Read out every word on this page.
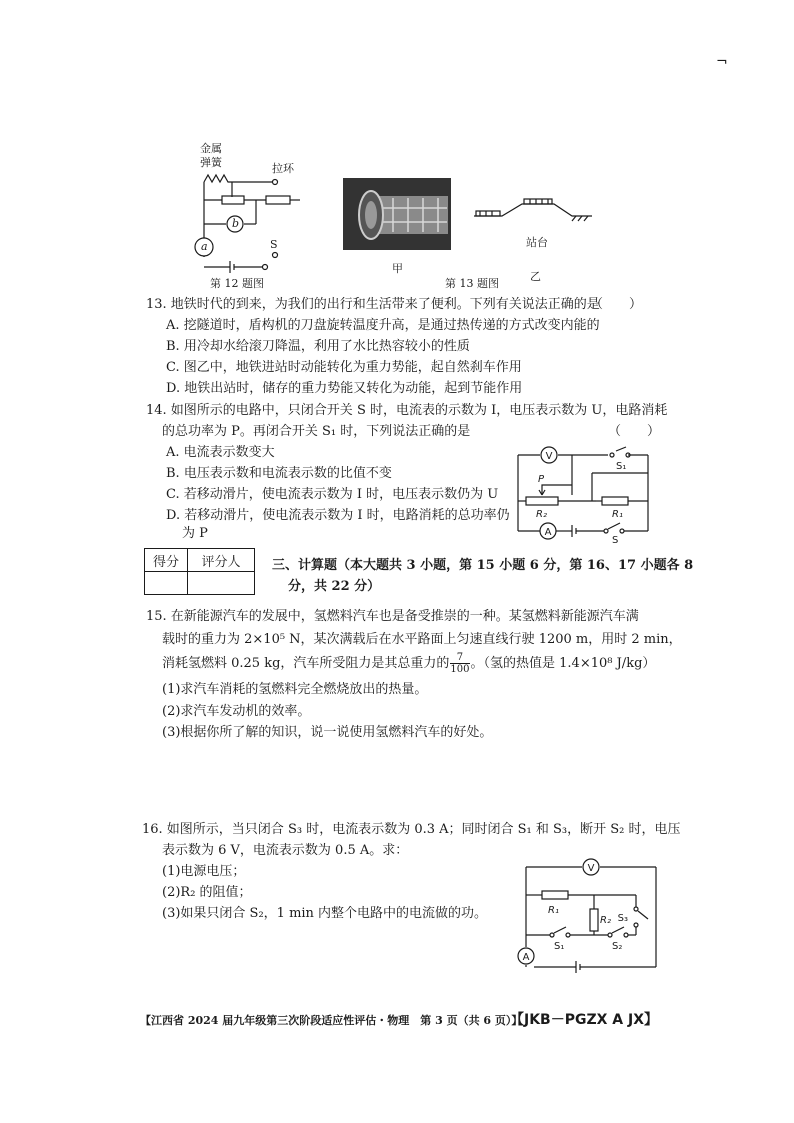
¬
金属
弹簧	拉环
b
a	S
第 12 题图
甲
站台
乙
第 13 题图
13. 地铁时代的到来，为我们的出行和生活带来了便利。下列有关说法正确的是
（　　）
A. 挖隧道时，盾构机的刀盘旋转温度升高，是通过热传递的方式改变内能的
B. 用冷却水给滚刀降温，利用了水比热容较小的性质
C. 图乙中，地铁进站时动能转化为重力势能，起自然刹车作用
D. 地铁出站时，储存的重力势能又转化为动能，起到节能作用
14. 如图所示的电路中，只闭合开关 S 时，电流表的示数为 I，电压表示数为 U，电路消耗
的总功率为 P。再闭合开关 S₁ 时，下列说法正确的是	（　　）
A. 电流表示数变大
B. 电压表示数和电流表示数的比值不变
C. 若移动滑片，使电流表示数为 I 时，电压表示数仍为 U
D. 若移动滑片，使电流表示数为 I 时，电路消耗的总功率仍
为 P
V
A
S₁
P
R₂	R₁
S
得分	评分人
	三、计算题（本大题共 3 小题，第 15 小题 6 分，第 16、17 小题各 8
分，共 22 分）
15. 在新能源汽车的发展中，氢燃料汽车也是备受推崇的一种。某氢燃料新能源汽车满
载时的重力为 2×10⁵ N，某次满载后在水平路面上匀速直线行驶 1200 m，用时 2 min，
消耗氢燃料 0.25 kg，汽车所受阻力是其总重力的 $\frac{7}{100}$ 。（氢的热值是 1.4×10⁸ J/kg）
(1)求汽车消耗的氢燃料完全燃烧放出的热量。
(2)求汽车发动机的效率。
(3)根据你所了解的知识，说一说使用氢燃料汽车的好处。
16. 如图所示，当只闭合 S₃ 时，电流表示数为 0.3 A；同时闭合 S₁ 和 S₃，断开 S₂ 时，电压
表示数为 6 V，电流表示数为 0.5 A。求：
(1)电源电压；
(2)R₂ 的阻值；
(3)如果只闭合 S₂，1 min 内整个电路中的电流做的功。
V
A
R₁
R₂ S₃
S₁	S₂
【江西省 2024 届九年级第三次阶段适应性评估・物理　第 3 页（共 6 页）】
【JKB－PGZX A JX】
